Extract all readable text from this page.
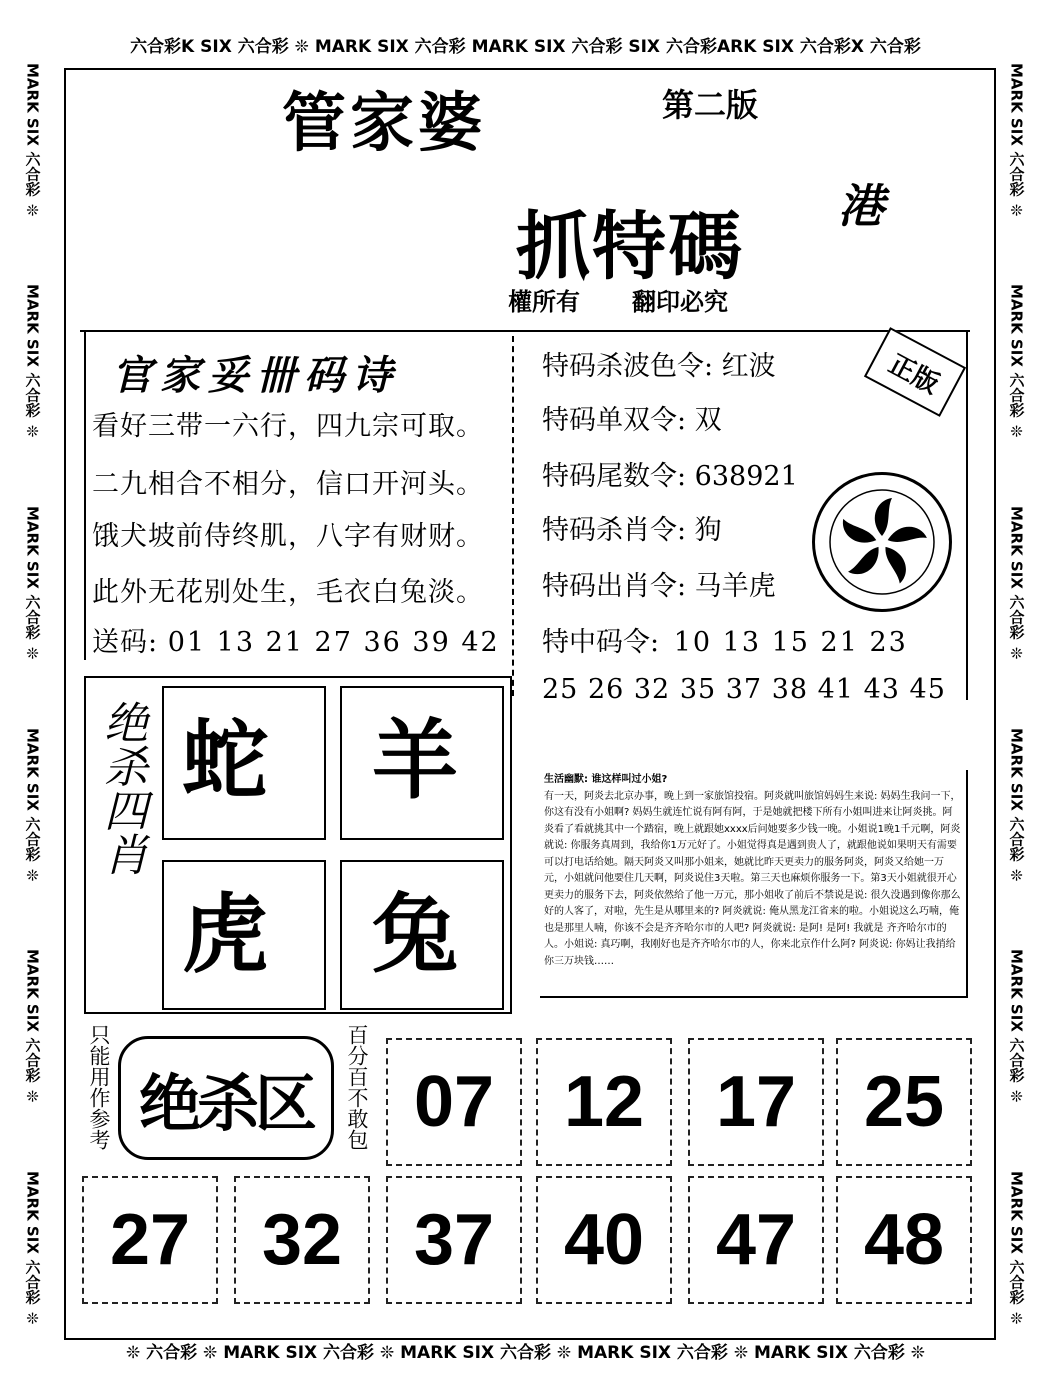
六合彩K SIX 六合彩 ❊ MARK SIX 六合彩 MARK SIX 六合彩 SIX 六合彩ARK SIX 六合彩X 六合彩
❊ 六合彩 ❊ MARK SIX 六合彩 ❊ MARK SIX 六合彩 ❊ MARK SIX 六合彩 ❊ MARK SIX 六合彩 ❊
MARK SIX 六合彩 ❊
MARK SIX 六合彩 ❊
MARK SIX 六合彩 ❊
MARK SIX 六合彩 ❊
MARK SIX 六合彩 ❊
MARK SIX 六合彩 ❊
MARK SIX 六合彩 ❊
MARK SIX 六合彩 ❊
MARK SIX 六合彩 ❊
MARK SIX 六合彩 ❊
MARK SIX 六合彩 ❊
MARK SIX 六合彩 ❊
管家婆	第二版
抓特碼 港
權所有 翻印必究
官家妥卌码诗
看好三带一六行，四九宗可取。
二九相合不相分，信口开河头。
饿犬坡前侍终肌，八字有财财。
此外无花别处生，毛衣白兔淡。
送码: 01 13 21 27 36 39 42
特码杀波色令: 红波
特码单双令: 双
特码尾数令: 638921
特码杀肖令: 狗
特码出肖令: 马羊虎
特中码令: 10 13 15 21 23
25 26 32 35 37 38 41 43 45
正版
绝杀四肖 蛇 羊
虎 兔
生活幽默: 谁这样叫过小姐?
有一天，阿炎去北京办事，晚上到一家旅馆投宿。阿炎就叫旅馆妈妈生来说: 妈妈生我问一下，你这有没有小姐啊? 妈妈生就连忙说有阿有阿，于是她就把楼下所有小姐叫进来让阿炎挑。阿炎看了看就挑其中一个踏宿，晚上就跟她xxxx后问她要多少钱一晚。小姐说1晚1千元啊，阿炎就说: 你服务真周到，我给你1万元好了。小姐觉得真是遇到贵人了，就跟他说如果明天有需要可以打电话给她。隔天阿炎又叫那小姐来，她就比昨天更卖力的服务阿炎，阿炎又给她一万元，小姐就问他要住几天啊，阿炎说住3天啦。第三天也麻烦你服务一下。第3天小姐就很开心更卖力的服务下去，阿炎依然给了他一万元，那小姐收了前后不禁说是说: 很久没遇到像你那么好的人客了，对啦，先生是从哪里来的? 阿炎就说: 俺从黑龙江省来的啦。小姐说这么巧喃，俺也是那里人喃，你该不会是齐齐哈尔市的人吧? 阿炎就说: 是阿! 是阿! 我就是 齐齐哈尔市的人。小姐说: 真巧啊，我刚好也是齐齐哈尔市的人，你来北京作什么阿? 阿炎说: 你妈让我捎给你三万块钱……
只能用作参考 绝杀区	百分百不敢包 07 12 17 25
27 32 37 40 47 48
